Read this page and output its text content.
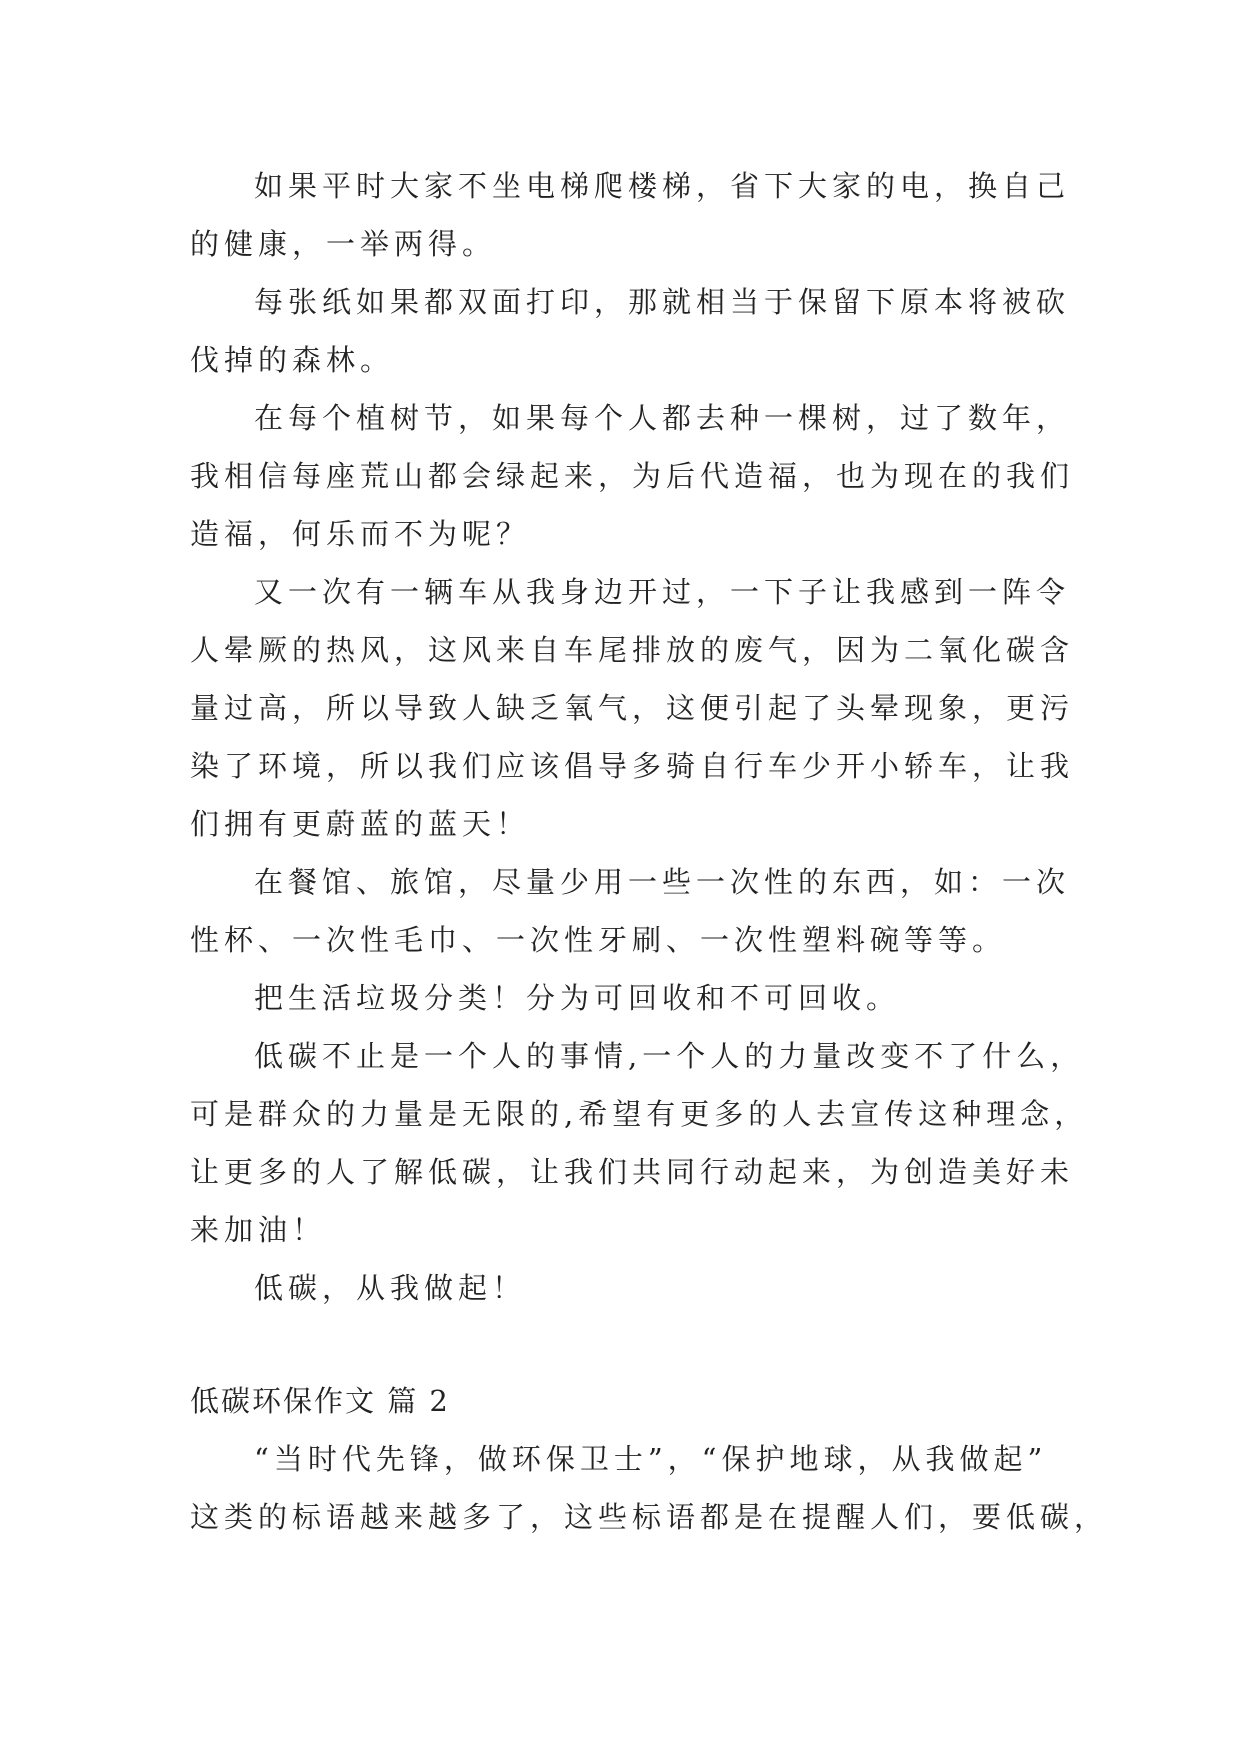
如果平时大家不坐电梯爬楼梯，省下大家的电，换自己
的健康，一举两得。
每张纸如果都双面打印，那就相当于保留下原本将被砍
伐掉的森林。
在每个植树节，如果每个人都去种一棵树，过了数年，
我相信每座荒山都会绿起来，为后代造福，也为现在的我们
造福，何乐而不为呢？
又一次有一辆车从我身边开过，一下子让我感到一阵令
人晕厥的热风，这风来自车尾排放的废气，因为二氧化碳含
量过高，所以导致人缺乏氧气，这便引起了头晕现象，更污
染了环境，所以我们应该倡导多骑自行车少开小轿车，让我
们拥有更蔚蓝的蓝天！
在餐馆、旅馆，尽量少用一些一次性的东西，如：一次
性杯、一次性毛巾、一次性牙刷、一次性塑料碗等等。
把生活垃圾分类！分为可回收和不可回收。
低碳不止是一个人的事情,一个人的力量改变不了什么，
可是群众的力量是无限的,希望有更多的人去宣传这种理念，
让更多的人了解低碳，让我们共同行动起来，为创造美好未
来加油！
低碳，从我做起！
低碳环保作文 篇 2
“当时代先锋，做环保卫士”，“保护地球，从我做起”
这类的标语越来越多了，这些标语都是在提醒人们，要低碳，
